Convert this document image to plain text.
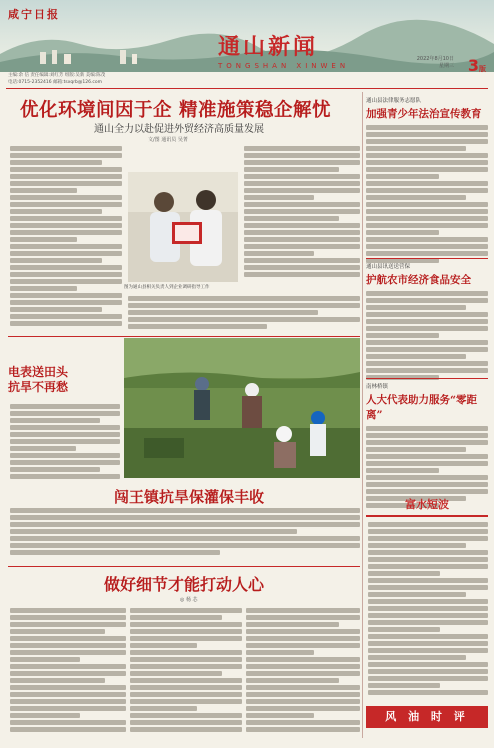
咸宁日报
通山新闻
TONGSHAN XINWEN
2022年8月10日
星期三 3版
主编:余 信 责任编辑:刘红芳 组版:吴新 美编:陈茂
电话:0715-2352416 邮箱:tsxqrb@126.com
优化环境间因于企 精准施策稳企解忧
通山全力以赴促进外贸经济高质量发展
文/图 通讯员 吴菁
图为通山县相关负责人到企业调研指导工作
电表送田头
抗旱不再愁
闯王镇抗旱保灌保丰收
做好细节才能打动人心
◎ 杨 芯
通山县法律服务志愿队
加强青少年法治宣传教育
通山县讯送送营保
护航农市经济食品安全
南林桥镇
人大代表助力服务“零距离”
富水短波
风 油 时 评
